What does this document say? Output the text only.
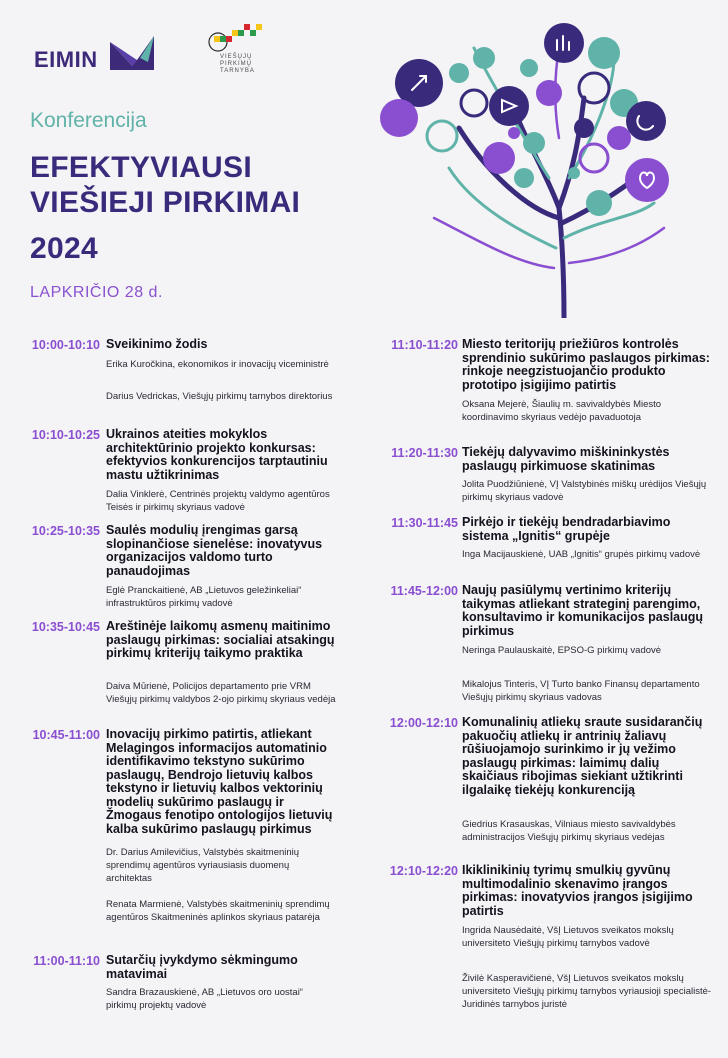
EIMIN	VIEŠŲJŲ
PIRKIMŲ
TARNYBA
Konferencija
EFEKTYVIAUSI
VIEŠIEJI PIRKIMAI
2024
LAPKRIČIO 28 d.
10:00-10:10 Sveikinimo žodis
Erika Kuročkina, ekonomikos ir inovacijų viceministrė
Darius Vedrickas, Viešųjų pirkimų tarnybos direktorius
10:10-10:25 Ukrainos ateities mokyklos architektūrinio projekto konkursas: efektyvios konkurencijos tarptautiniu mastu užtikrinimas
Dalia Vinklerė, Centrinės projektų valdymo agentūros Teisės ir pirkimų skyriaus vadovė
10:25-10:35 Saulės modulių įrengimas garsą slopinančiose sienelėse: inovatyvus organizacijos valdomo turto panaudojimas
Eglė Pranckaitienė, AB „Lietuvos geležinkeliai“ infrastruktūros pirkimų vadovė
10:35-10:45 Areštinėje laikomų asmenų maitinimo paslaugų pirkimas: socialiai atsakingų pirkimų kriterijų taikymo praktika
Daiva Mūrienė, Policijos departamento prie VRM Viešųjų pirkimų valdybos 2-ojo pirkimų skyriaus vedėja
10:45-11:00 Inovacijų pirkimo patirtis, atliekant Melagingos informacijos automatinio identifikavimo tekstyno sukūrimo paslaugų, Bendrojo lietuvių kalbos tekstyno ir lietuvių kalbos vektorinių modelių sukūrimo paslaugų ir Žmogaus fenotipo ontologijos lietuvių kalba sukūrimo paslaugų pirkimus
Dr. Darius Amilevičius, Valstybės skaitmeninių sprendimų agentūros vyriausiasis duomenų architektas
Renata Marmienė, Valstybės skaitmeninių sprendimų agentūros Skaitmeninės aplinkos skyriaus patarėja
11:00-11:10 Sutarčių įvykdymo sėkmingumo matavimai
Sandra Brazauskienė, AB „Lietuvos oro uostai“ pirkimų projektų vadovė
11:10-11:20 Miesto teritorijų priežiūros kontrolės sprendinio sukūrimo paslaugos pirkimas: rinkoje neegzistuojančio produkto prototipo įsigijimo patirtis
Oksana Mejerė, Šiaulių m. savivaldybės Miesto koordinavimo skyriaus vedėjo pavaduotoja
11:20-11:30 Tiekėjų dalyvavimo miškininkystės paslaugų pirkimuose skatinimas
Jolita Puodžiūnienė, VĮ Valstybinės miškų urėdijos Viešųjų pirkimų skyriaus vadovė
11:30-11:45 Pirkėjo ir tiekėjų bendradarbiavimo sistema „Ignitis“ grupėje
Inga Macijauskienė, UAB „Ignitis“ grupės pirkimų vadovė
11:45-12:00 Naujų pasiūlymų vertinimo kriterijų taikymas atliekant strateginį parengimo, konsultavimo ir komunikacijos paslaugų pirkimus
Neringa Paulauskaitė, EPSO-G pirkimų vadovė
Mikalojus Tinteris, VĮ Turto banko Finansų departamento Viešųjų pirkimų skyriaus vadovas
12:00-12:10 Komunalinių atliekų sraute susidarančių pakuočių atliekų ir antrinių žaliavų rūšiuojamojo surinkimo ir jų vežimo paslaugų pirkimas: laimimų dalių skaičiaus ribojimas siekiant užtikrinti ilgalaikę tiekėjų konkurenciją
Giedrius Krasauskas, Vilniaus miesto savivaldybės administracijos Viešųjų pirkimų skyriaus vedėjas
12:10-12:20 Ikiklinikinių tyrimų smulkių gyvūnų multimodalinio skenavimo įrangos pirkimas: inovatyvios įrangos įsigijimo patirtis
Ingrida Nausėdaitė, VšĮ Lietuvos sveikatos mokslų universiteto Viešųjų pirkimų tarnybos vadovė
Živilė Kasperavičienė, VšĮ Lietuvos sveikatos mokslų universiteto Viešųjų pirkimų tarnybos vyriausioji specialistė-Juridinės tarnybos juristė
